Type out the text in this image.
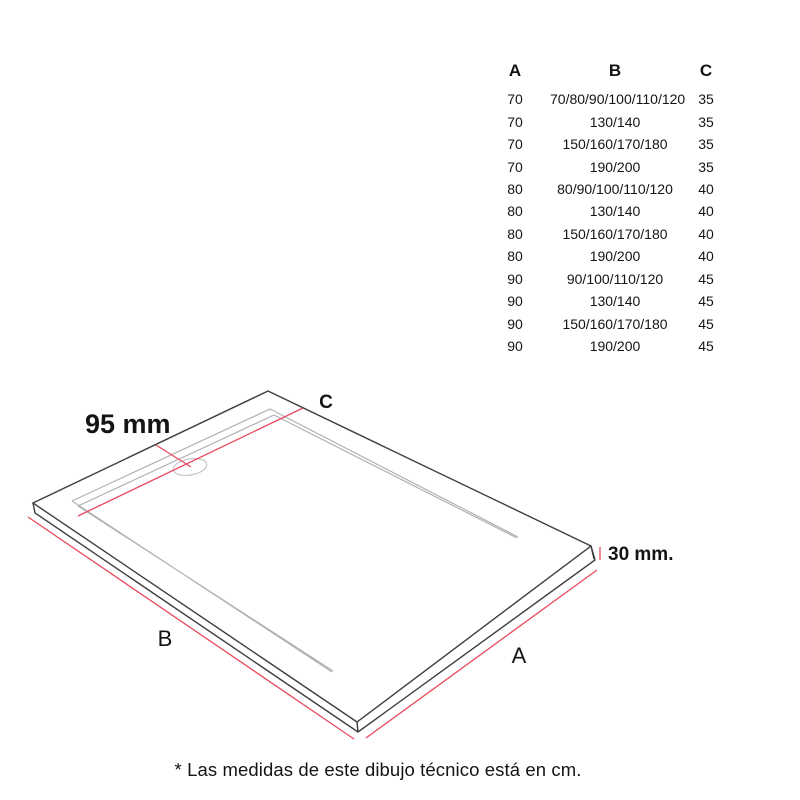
A	B	C
70	70/80/90/100/110/120 35
70	130/140	35
70	150/160/170/180	35
70	190/200	35
80	80/90/100/110/120	40
80	130/140	40
80	150/160/170/180	40
80	190/200	40
90	90/100/110/120	45
90	130/140	45
90	150/160/170/180	45
90	190/200	45
95 mm
C
30 mm.
B
A
* Las medidas de este dibujo técnico está en cm.
